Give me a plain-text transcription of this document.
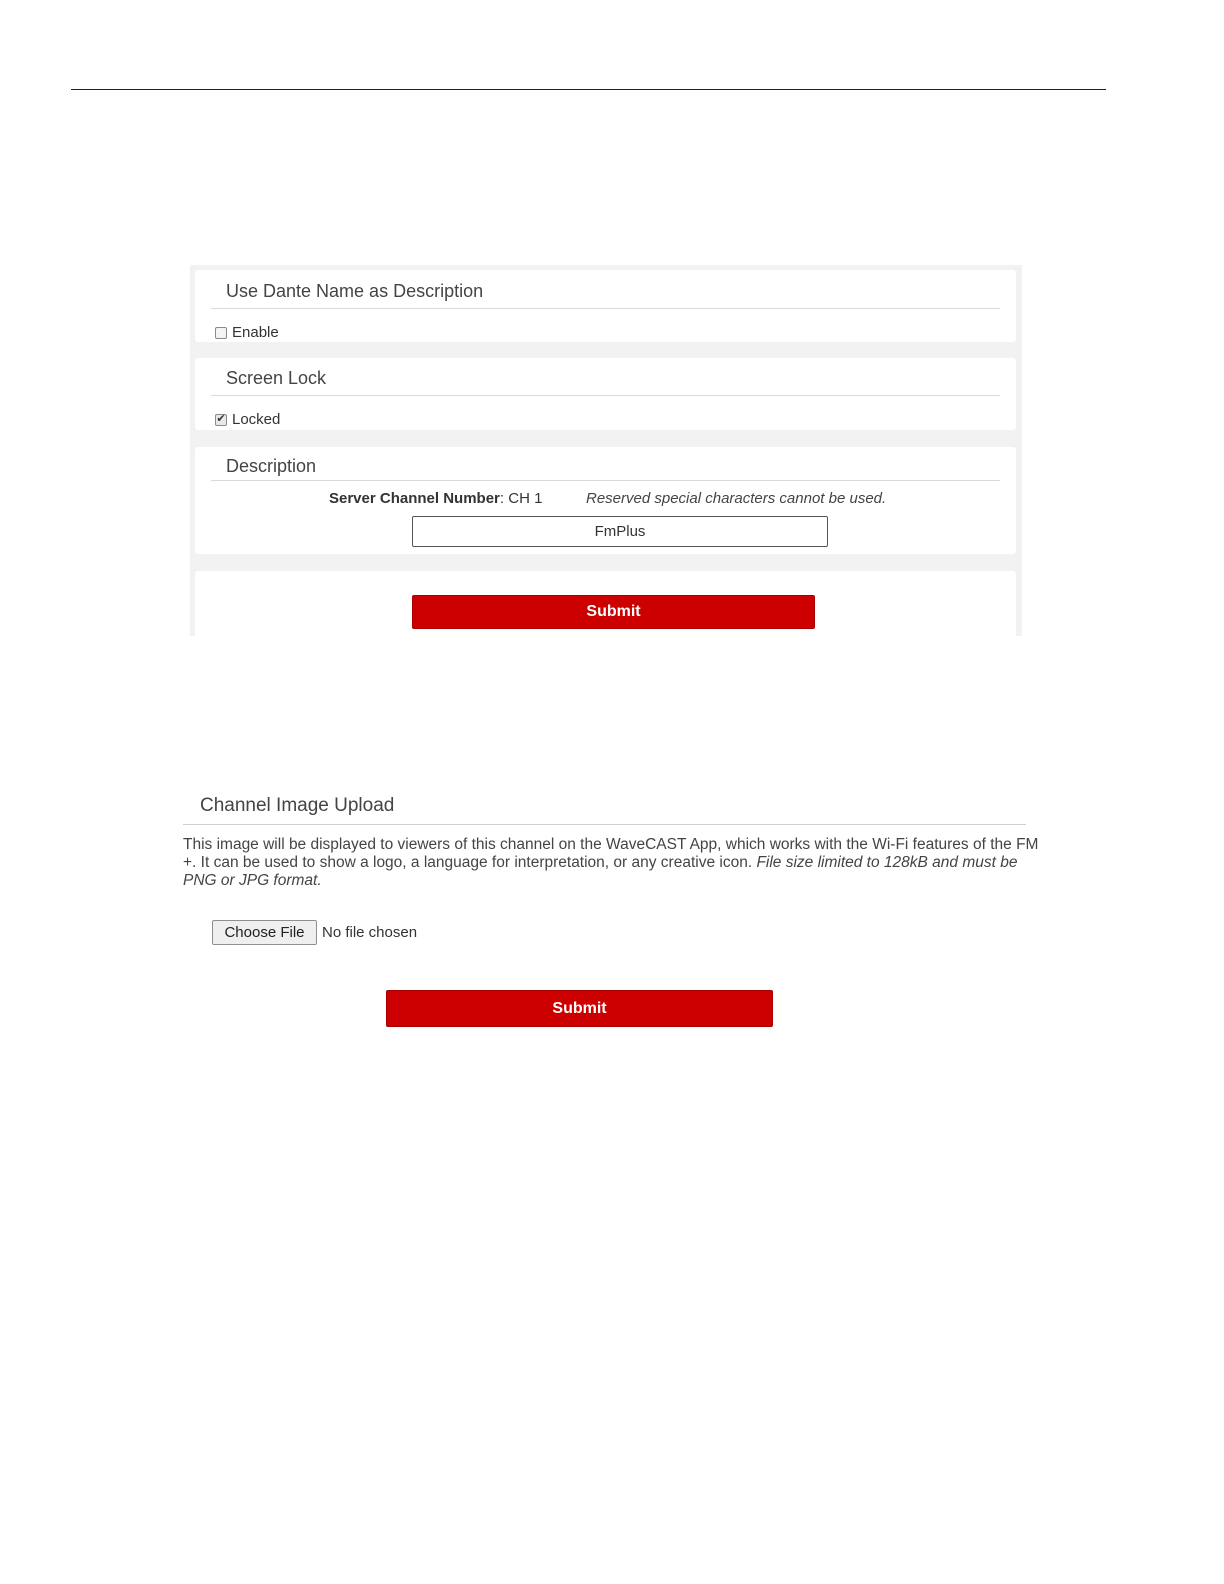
Use Dante Name as Description
Enable
Screen Lock
✔ Locked
Description
Server Channel Number: CH 1	Reserved special characters cannot be used.
FmPlus
Submit
Channel Image Upload
This image will be displayed to viewers of this channel on the WaveCAST App, which works with the Wi-Fi features of the FM +. It can be used to show a logo, a language for interpretation, or any creative icon. File size limited to 128kB and must be PNG or JPG format.
Choose File	No file chosen
Submit
